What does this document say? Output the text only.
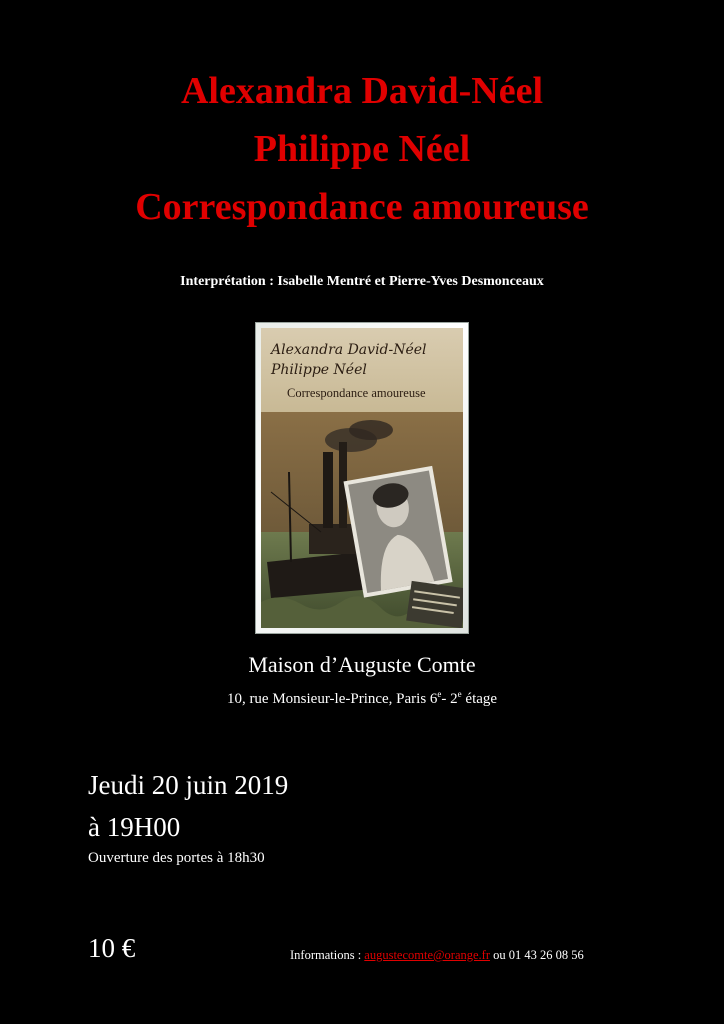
Alexandra David-Néel
Philippe Néel
Correspondance amoureuse
Interprétation : Isabelle Mentré et Pierre-Yves Desmonceaux
Alexandra David-Néel
Philippe Néel
Correspondance amoureuse

Maison d’Auguste Comte

10, rue Monsieur-le-Prince, Paris 6e- 2e étage

Jeudi 20 juin 2019
à 19H00
Ouverture des portes à 18h30
10 €	Informations : augustecomte@orange.fr ou 01 43 26 08 56
